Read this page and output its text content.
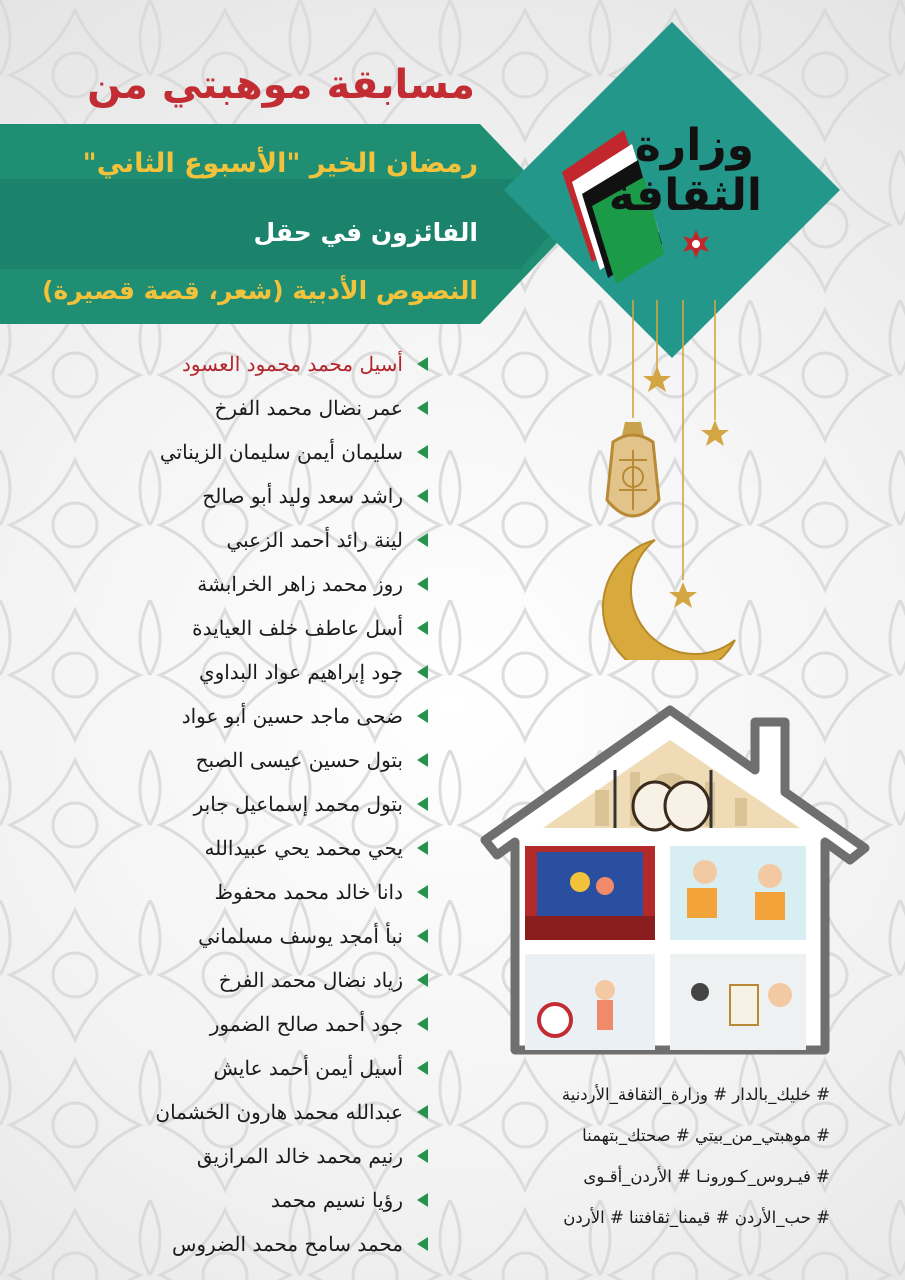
مسابقة موهبتي من
رمضان الخير "الأسبوع الثاني"
الفائزون في حقل
النصوص الأدبية (شعر، قصة قصيرة)
وزارة
الثقافة
أسيل محمد محمود العسود
عمر نضال محمد الفرخ
سليمان أيمن سليمان الزيناتي
راشد سعد وليد أبو صالح
لينة رائد أحمد الزعبي
روز محمد زاهر الخرابشة
أسل عاطف خلف العيايدة
جود إبراهيم عواد البداوي
ضحى ماجد حسين أبو عواد
بتول حسين عيسى الصبح
بتول محمد إسماعيل جابر
يحي محمد يحي عبيدالله
دانا خالد محمد محفوظ
نبأ أمجد يوسف مسلماني
زياد نضال محمد الفرخ
جود أحمد صالح الضمور
أسيل أيمن أحمد عايش
عبدالله محمد هارون الخشمان
رنيم محمد خالد المرازيق
رؤيا نسيم محمد
محمد سامح محمد الضروس
# خليك_بالدار # وزارة_الثقافة_الأردنية
# موهبتي_من_بيتي # صحتك_بتهمنا
# فيـروس_كـورونـا # الأردن_أقـوى
# حب_الأردن # قيمنا_ثقافتنا # الأردن
